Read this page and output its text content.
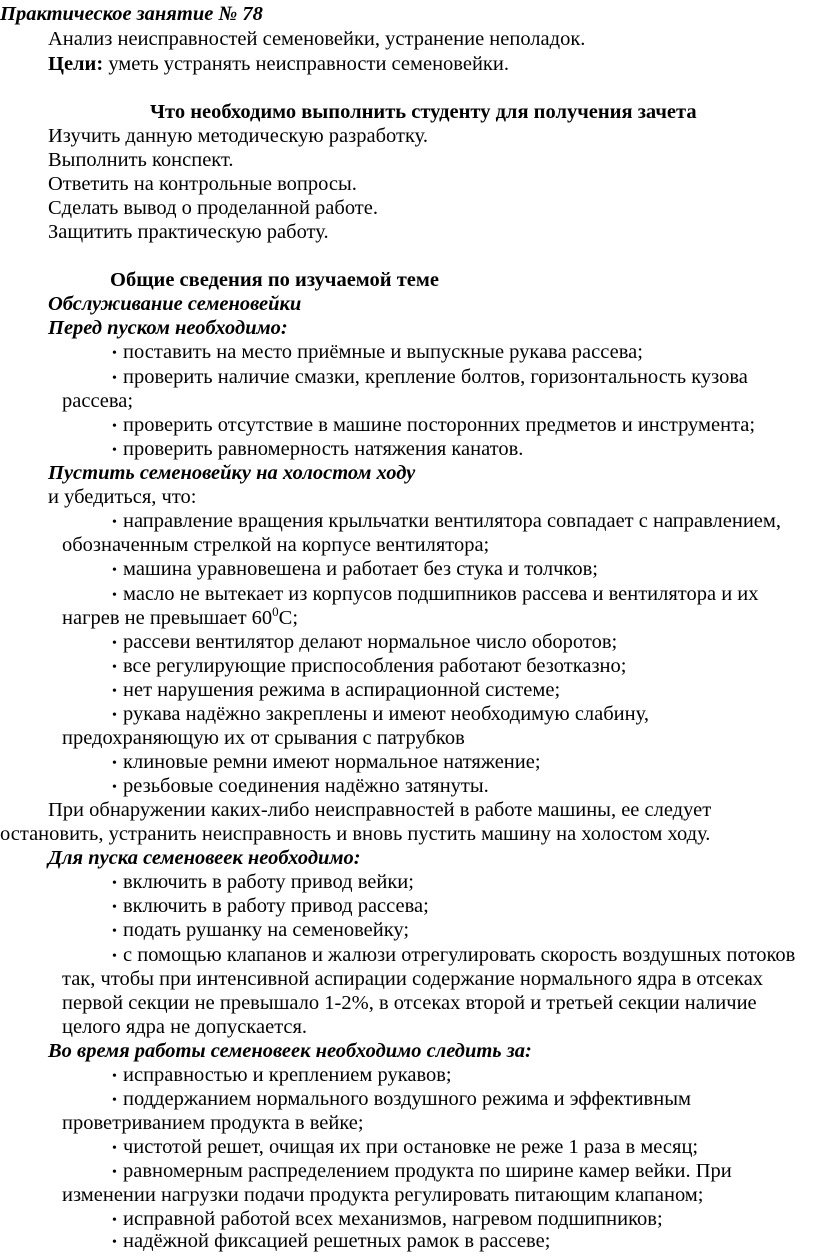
Практическое занятие № 78

Анализ неисправностей семеновейки, устранение неполадок.

Цели: уметь устранять неисправности семеновейки.

Что необходимо выполнить студенту для получения зачета

Изучить данную методическую разработку.

Выполнить конспект.

Ответить на контрольные вопросы.

Сделать вывод о проделанной работе.

Защитить практическую работу.

Общие сведения по изучаемой теме

Обслуживание семеновейки

Перед пуском необходимо:

• поставить на место приёмные и выпускные рукава рассева;

• проверить наличие смазки, крепление болтов, горизонтальность кузова

рассева;

• проверить отсутствие в машине посторонних предметов и инструмента;

• проверить равномерность натяжения канатов.

Пустить семеновейку на холостом ходу

и убедиться, что:

• направление вращения крыльчатки вентилятора совпадает с направлением,

обозначенным стрелкой на корпусе вентилятора;

• машина уравновешена и работает без стука и толчков;

• масло не вытекает из корпусов подшипников рассева и вентилятора и их

нагрев не превышает $60^0С$;

• рассеви вентилятор делают нормальное число оборотов;

• все регулирующие приспособления работают безотказно;

• нет нарушения режима в аспирационной системе;

• рукава надёжно закреплены и имеют необходимую слабину,

предохраняющую их от срывания с патрубков

• клиновые ремни имеют нормальное натяжение;

• резьбовые соединения надёжно затянуты.

При обнаружении каких-либо неисправностей в работе машины, ее следует

остановить, устранить неисправность и вновь пустить машину на холостом ходу.

Для пуска семеновеек необходимо:

• включить в работу привод вейки;

• включить в работу привод рассева;

• подать рушанку на семеновейку;

• с помощью клапанов и жалюзи отрегулировать скорость воздушных потоков

так, чтобы при интенсивной аспирации содержание нормального ядра в отсеках

первой секции не превышало 1-2%, в отсеках второй и третьей секции наличие

целого ядра не допускается.

Во время работы семеновеек необходимо следить за:

• исправностью и креплением рукавов;

• поддержанием нормального воздушного режима и эффективным

проветриванием продукта в вейке;

• чистотой решет, очищая их при остановке не реже 1 раза в месяц;

• равномерным распределением продукта по ширине камер вейки. При

изменении нагрузки подачи продукта регулировать питающим клапаном;

• исправной работой всех механизмов, нагревом подшипников;

• надёжной фиксацией решетных рамок в рассеве;
